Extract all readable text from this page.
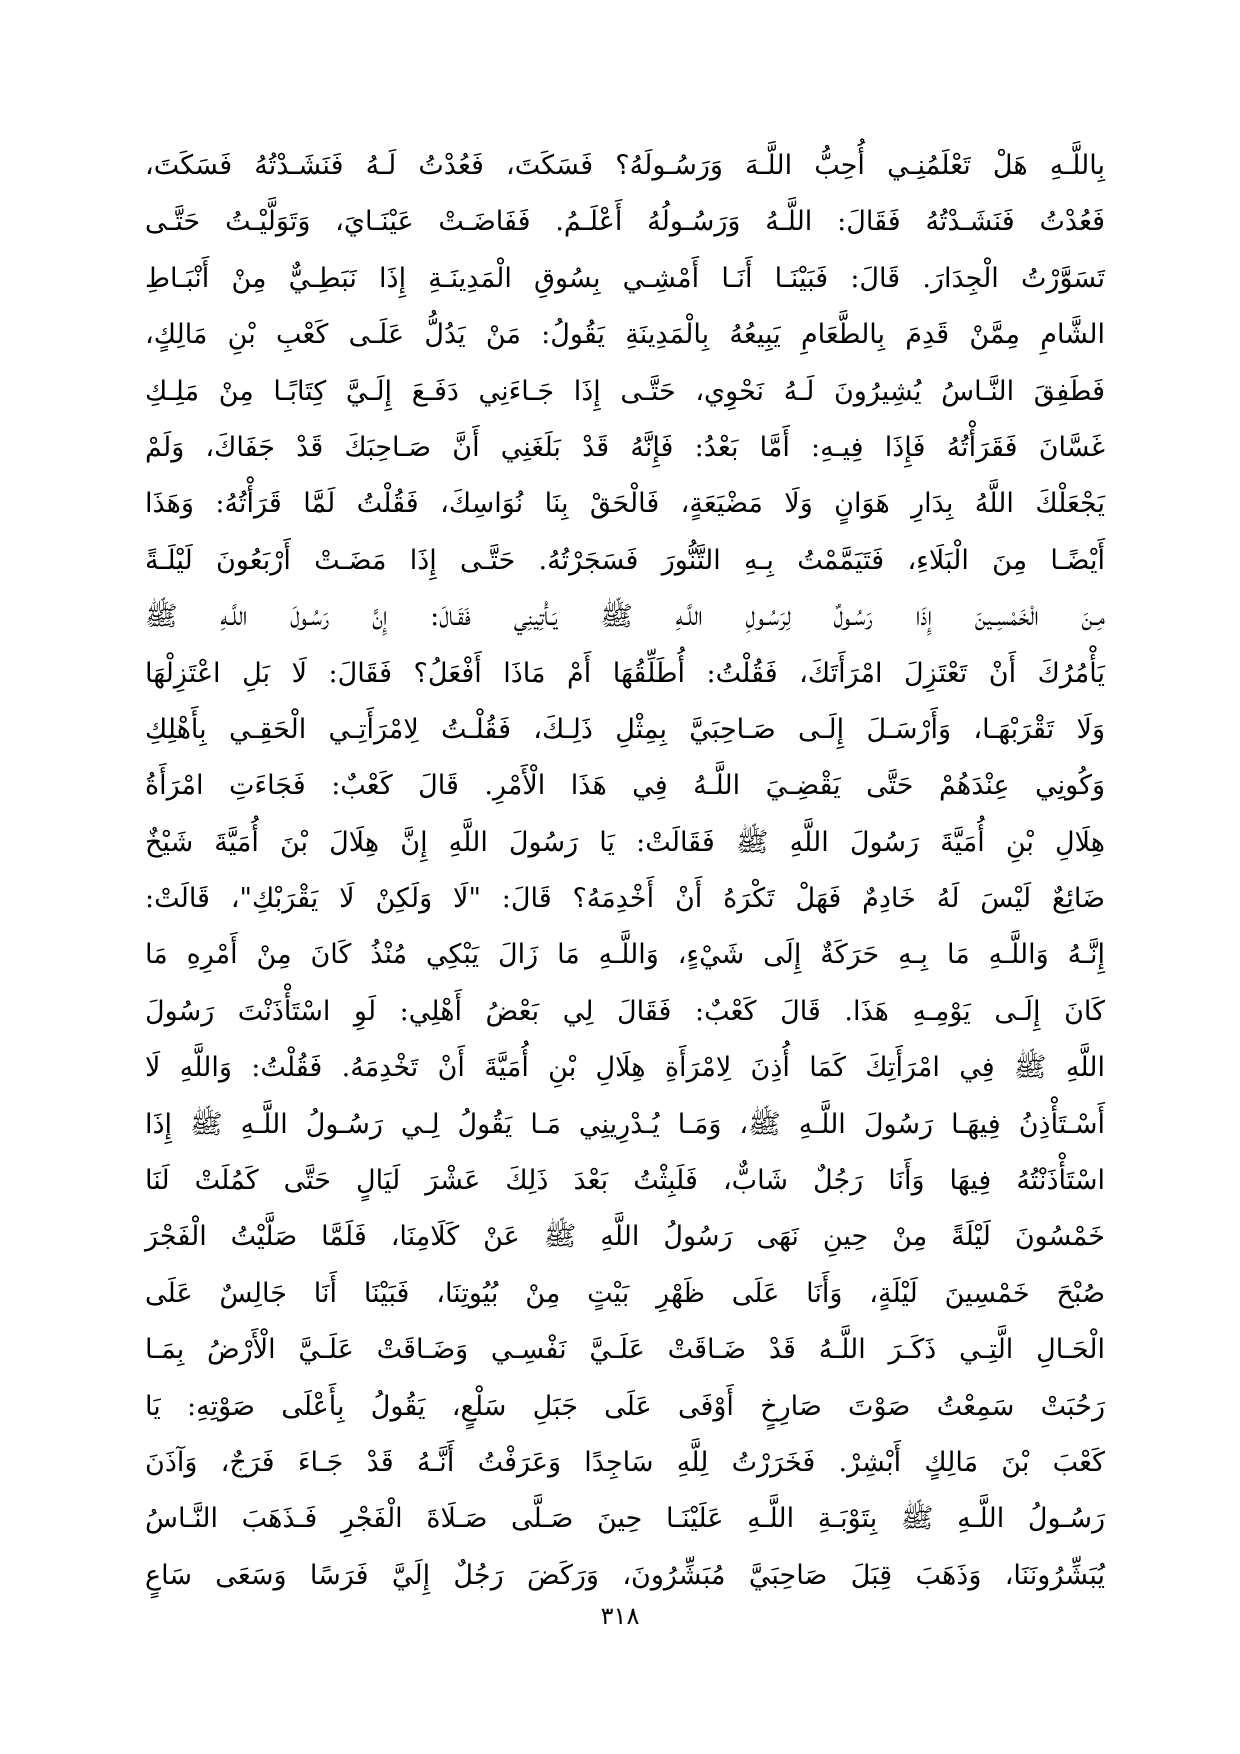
بِاللَّـهِ هَلْ تَعْلَمُنِـي أُحِبُّ اللَّـهَ وَرَسُـولَهُ؟ فَسَكَتَ، فَعُدْتُ لَـهُ فَنَشَـدْتُهُ فَسَكَتَ،
فَعُدْتُ فَنَشَـدْتُهُ فَقَالَ: اللَّـهُ وَرَسُـولُهُ أَعْلَـمُ. فَفَاضَـتْ عَيْنَـايَ، وَتَوَلَّيْـتُ حَتَّـى
تَسَوَّرْتُ الْجِدَارَ. قَالَ: فَبَيْنَـا أَنَـا أَمْشِـي بِسُوقِ الْمَدِينَـةِ إِذَا نَبَطِـيٌّ مِنْ أَنْبَـاطِ
الشَّامِ مِمَّنْ قَدِمَ بِالطَّعَامِ يَبِيعُهُ بِالْمَدِينَةِ يَقُولُ: مَنْ يَدُلُّ عَلَـى كَعْبِ بْنِ مَالِكٍ،
فَطَفِقَ النَّـاسُ يُشِيرُونَ لَـهُ نَحْوِي، حَتَّـى إِذَا جَـاءَنِي دَفَـعَ إِلَـيَّ كِتَابًـا مِنْ مَلِـكِ
غَسَّانَ فَقَرَأْتُهُ فَإِذَا فِيـهِ: أَمَّا بَعْدُ: فَإِنَّهُ قَدْ بَلَغَنِي أَنَّ صَـاحِبَكَ قَدْ جَفَاكَ، وَلَمْ
يَجْعَلْكَ اللَّهُ بِدَارِ هَوَانٍ وَلَا مَضْيَعَةٍ، فَالْحَقْ بِنَا نُوَاسِكَ، فَقُلْتُ لَمَّا قَرَأْتُهُ: وَهَذَا
أَيْضًـا مِنَ الْبَلَاءِ، فَتَيَمَّمْتُ بِـهِ التَّنُّورَ فَسَجَرْتُهُ. حَتَّـى إِذَا مَضَـتْ أَرْبَعُونَ لَيْلَـةً
مِـنَ الْخَمْسِـينَ إِذَا رَسُـولٌ لِرَسُـولِ اللَّـهِ ﷺ يَـأْتِينِي فَقَـالَ: إِنَّ رَسُـولَ اللَّـهِ ﷺ
يَأْمُرُكَ أَنْ تَعْتَزِلَ امْرَأَتَكَ، فَقُلْتُ: أُطَلِّقُهَا أَمْ مَاذَا أَفْعَلُ؟ فَقَالَ: لَا بَلِ اعْتَزِلْهَا
وَلَا تَقْرَبْهَـا، وَأَرْسَـلَ إِلَـى صَـاحِبَيَّ بِمِثْلِ ذَلِـكَ، فَقُلْـتُ لِامْرَأَتِـي الْحَقِـي بِأَهْلِكِ
وَكُونِي عِنْدَهُمْ حَتَّى يَقْضِـيَ اللَّـهُ فِي هَذَا الْأَمْرِ. قَالَ كَعْبٌ: فَجَاءَتِ امْرَأَةُ
هِلَالِ بْنِ أُمَيَّةَ رَسُولَ اللَّهِ ﷺ فَقَالَتْ: يَا رَسُولَ اللَّهِ إِنَّ هِلَالَ بْنَ أُمَيَّةَ شَيْخٌ
ضَائِعٌ لَيْسَ لَهُ خَادِمٌ فَهَلْ تَكْرَهُ أَنْ أَخْدِمَهُ؟ قَالَ: "لَا وَلَكِنْ لَا يَقْرَبْكِ"، قَالَتْ:
إِنَّـهُ وَاللَّـهِ مَا بِـهِ حَرَكَةٌ إِلَى شَيْءٍ، وَاللَّـهِ مَا زَالَ يَبْكِي مُنْذُ كَانَ مِنْ أَمْرِهِ مَا
كَانَ إِلَـى يَوْمِـهِ هَذَا. قَالَ كَعْبٌ: فَقَالَ لِي بَعْضُ أَهْلِي: لَوِ اسْتَأْذَنْتَ رَسُولَ
اللَّهِ ﷺ فِي امْرَأَتِكَ كَمَا أُذِنَ لِامْرَأَةِ هِلَالِ بْنِ أُمَيَّةَ أَنْ تَخْدِمَهُ. فَقُلْتُ: وَاللَّهِ لَا
أَسْـتَأْذِنُ فِيهَـا رَسُولَ اللَّـهِ ﷺ، وَمَـا يُـدْرِينِي مَـا يَقُولُ لِـي رَسُـولُ اللَّـهِ ﷺ إِذَا
اسْتَأْذَنْتُهُ فِيهَا وَأَنَا رَجُلٌ شَابٌّ، فَلَبِثْتُ بَعْدَ ذَلِكَ عَشْرَ لَيَالٍ حَتَّى كَمُلَتْ لَنَا
خَمْسُونَ لَيْلَةً مِنْ حِينِ نَهَى رَسُولُ اللَّهِ ﷺ عَنْ كَلَامِنَا، فَلَمَّا صَلَّيْتُ الْفَجْرَ
صُبْحَ خَمْسِينَ لَيْلَةٍ، وَأَنَا عَلَى ظَهْرِ بَيْتٍ مِنْ بُيُوتِنَا، فَبَيْنَا أَنَا جَالِسٌ عَلَى
الْحَـالِ الَّتِـي ذَكَـرَ اللَّـهُ قَدْ ضَـاقَتْ عَلَـيَّ نَفْسِـي وَضَـاقَتْ عَلَـيَّ الْأَرْضُ بِمَـا
رَحُبَتْ سَمِعْتُ صَوْتَ صَارِخٍ أَوْفَى عَلَى جَبَلِ سَلْعٍ، يَقُولُ بِأَعْلَى صَوْتِهِ: يَا
كَعْبَ بْنَ مَالِكٍ أَبْشِرْ. فَخَرَرْتُ لِلَّهِ سَاجِدًا وَعَرَفْتُ أَنَّـهُ قَدْ جَـاءَ فَرَجٌ، وَآذَنَ
رَسُـولُ اللَّـهِ ﷺ بِتَوْبَـةِ اللَّـهِ عَلَيْنَـا حِينَ صَـلَّى صَـلَاةَ الْفَجْرِ فَـذَهَبَ النَّـاسُ
يُبَشِّرُونَنَا، وَذَهَبَ قِبَلَ صَاحِبَيَّ مُبَشِّرُونَ، وَرَكَضَ رَجُلٌ إِلَيَّ فَرَسًا وَسَعَى سَاعٍ
٣١٨
